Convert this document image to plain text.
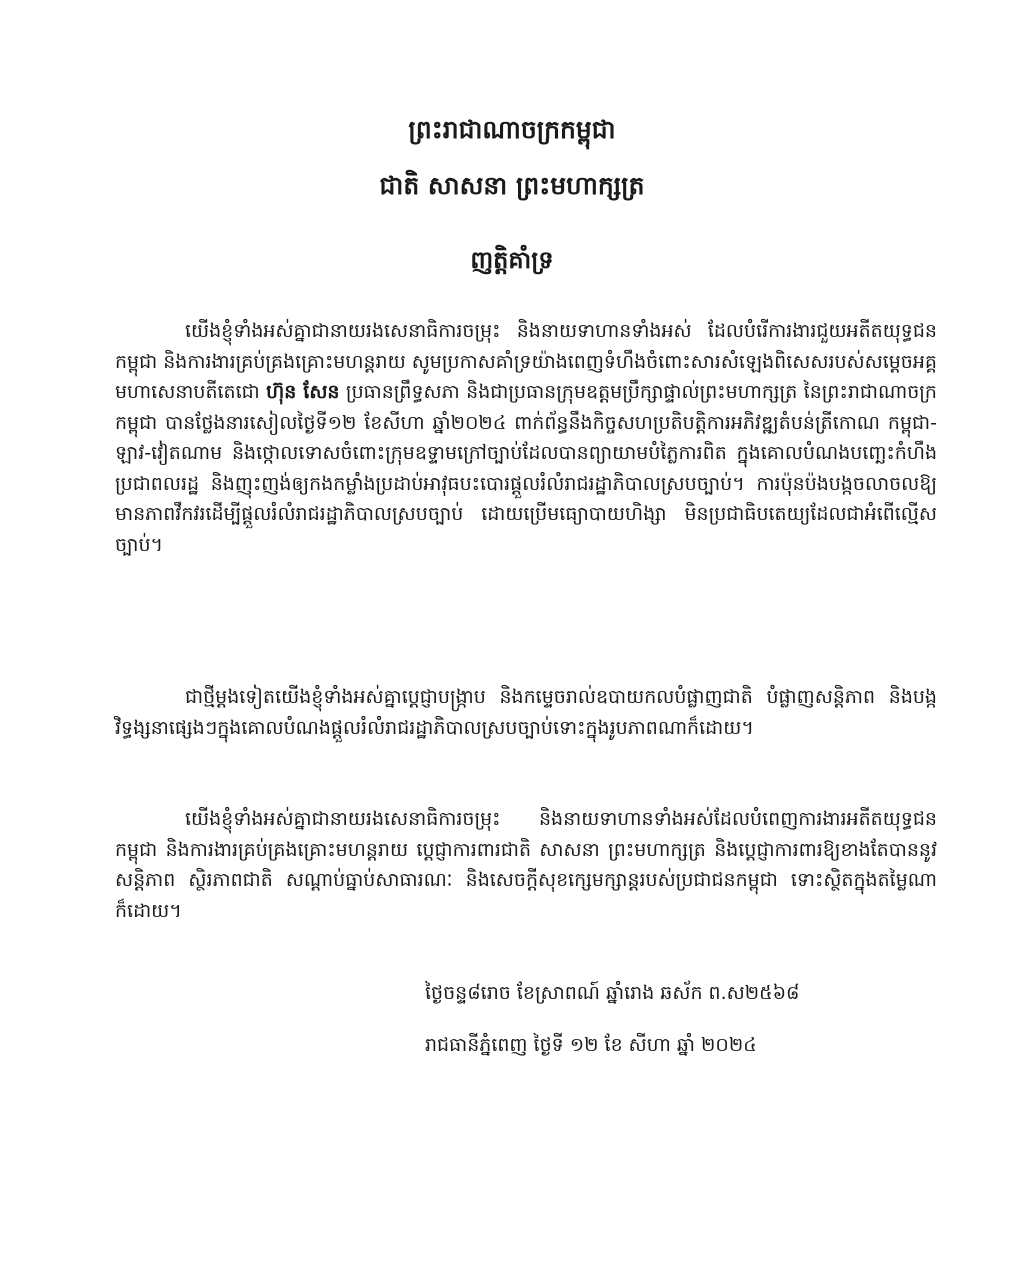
ព្រះរាជាណាចក្រកម្ពុជា
ជាតិ សាសនា ព្រះមហាក្សត្រ
ញត្តិគាំទ្រ

យើងខ្ញុំទាំងអស់គ្នាជានាយរងសេនាធិការចម្រុះ និងនាយទាហានទាំងអស់ ដែលបំរើការងារជួយអតីតយុទ្ធជនកម្ពុជា និងការងារគ្រប់គ្រងគ្រោះមហន្តរាយ សូមប្រកាសគាំទ្រយ៉ាងពេញទំហឹងចំពោះសារសំឡេងពិសេសរបស់សម្តេចអគ្គមហាសេនាបតីតេជោ ហ៊ុន សែន ប្រធានព្រឹទ្ធសភា និងជាប្រធានក្រុមឧត្តមប្រឹក្សាផ្ទាល់ព្រះមហាក្សត្រ នៃព្រះរាជាណាចក្រកម្ពុជា បានថ្លែងនារសៀលថ្ងៃទី១២ ខែសីហា ឆ្នាំ២០២៤ ពាក់ព័ន្ធនឹងកិច្ចសហប្រតិបត្តិការអភិវឌ្ឍតំបន់ត្រីកោណ កម្ពុជា-ឡាវ-វៀតណាម និងថ្កោលទោសចំពោះក្រុមឧទ្ទាមក្រៅច្បាប់ដែលបានព្យាយាមបំភ្លៃការពិត ក្នុងគោលបំណងបញ្ឆេះកំហឹងប្រជាពលរដ្ឋ និងញុះញង់ឲ្យកងកម្លាំងប្រដាប់អាវុធបះបោរផ្តួលរំលំរាជរដ្ឋាភិបាលស្របច្បាប់។ ការប៉ុនប៉ងបង្កចលាចលឱ្យមានភាពវឹកវរដើម្បីផ្តួលរំលំរាជរដ្ឋាភិបាលស្របច្បាប់ ដោយប្រើមធ្យោបាយហិង្សា មិនប្រជាធិបតេយ្យដែលជាអំពើល្មើសច្បាប់។

ជាថ្មីម្តងទៀតយើងខ្ញុំទាំងអស់គ្នាប្តេជ្ញាបង្ក្រាប និងកម្ទេចរាល់ឧបាយកលបំផ្លាញជាតិ បំផ្លាញសន្តិភាព និងបង្កវិទ្ធង្សនាផ្សេងៗក្នុងគោលបំណងផ្តួលរំលំរាជរដ្ឋាភិបាលស្របច្បាប់ទោះក្នុងរូបភាពណាក៏ដោយ។

យើងខ្ញុំទាំងអស់គ្នាជានាយរងសេនាធិការចម្រុះ និងនាយទាហានទាំងអស់ដែលបំពេញការងារអតីតយុទ្ធជនកម្ពុជា និងការងារគ្រប់គ្រងគ្រោះមហន្តរាយ ប្តេជ្ញាការពារជាតិ សាសនា ព្រះមហាក្សត្រ និងប្តេជ្ញាការពារឱ្យខាងតែបាននូវសន្តិភាព ស្ថិរភាពជាតិ សណ្តាប់ធ្នាប់សាធារណៈ និងសេចក្តីសុខក្សេមក្សាន្តរបស់ប្រជាជនកម្ពុជា ទោះស្ថិតក្នុងតម្លៃណាក៏ដោយ។

ថ្ងៃចន្ទ៨រោច ខែស្រាពណ៍ ឆ្នាំរោង ឆស័ក ព.ស២៥៦៨

រាជធានីភ្នំពេញ ថ្ងៃទី ១២ ខែ សីហា ឆ្នាំ ២០២៤
